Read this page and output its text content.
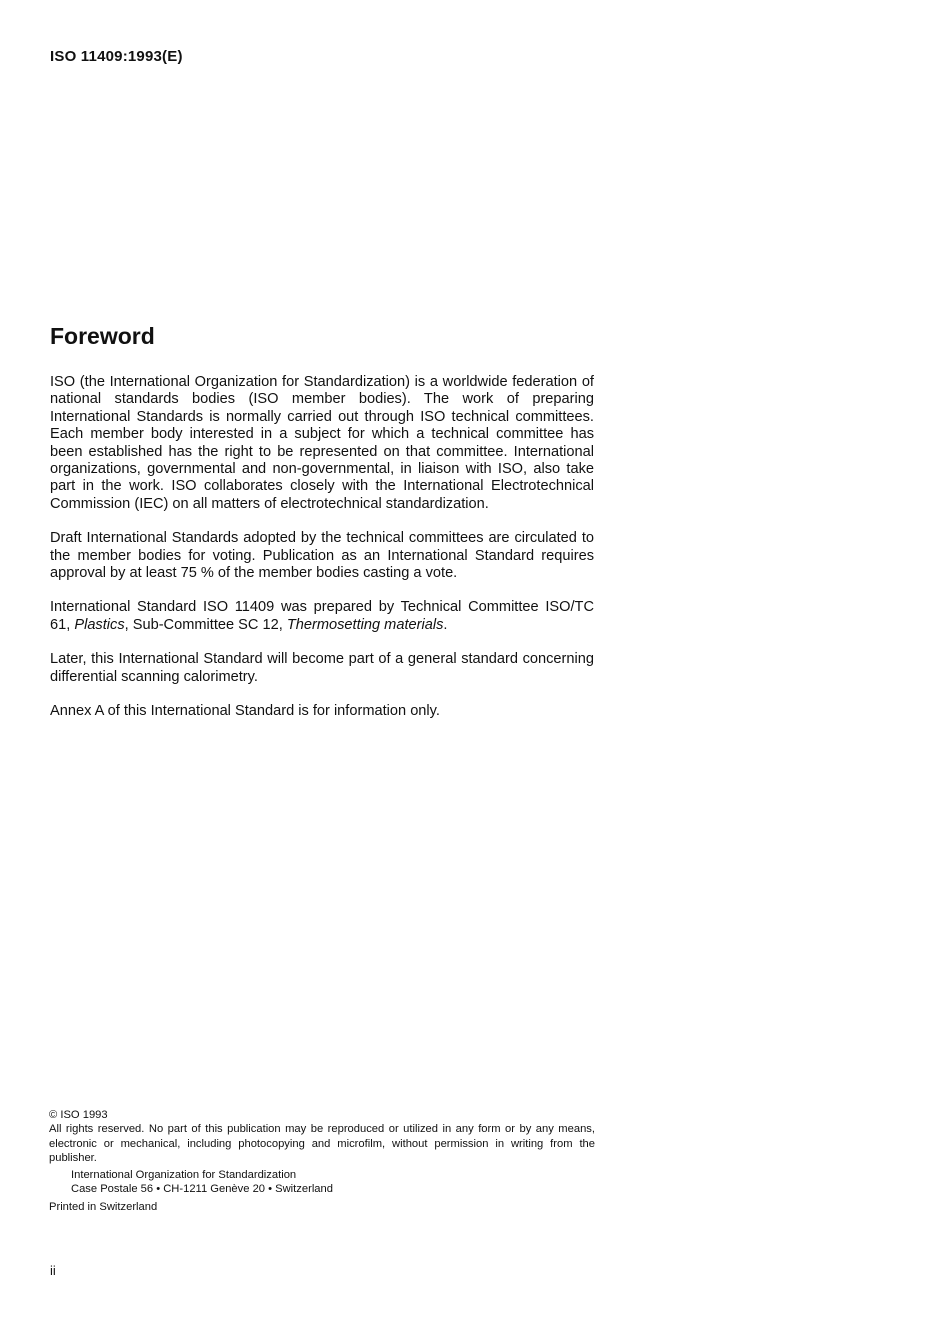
ISO 11409:1993(E)
Foreword

ISO (the International Organization for Standardization) is a worldwide federation of national standards bodies (ISO member bodies). The work of preparing International Standards is normally carried out through ISO technical committees. Each member body interested in a subject for which a technical committee has been established has the right to be represented on that committee. International organizations, governmental and non-governmental, in liaison with ISO, also take part in the work. ISO collaborates closely with the International Electrotechnical Commission (IEC) on all matters of electrotechnical standardization.

Draft International Standards adopted by the technical committees are circulated to the member bodies for voting. Publication as an International Standard requires approval by at least 75 % of the member bodies casting a vote.

International Standard ISO 11409 was prepared by Technical Committee ISO/TC 61, Plastics, Sub-Committee SC 12, Thermosetting materials.

Later, this International Standard will become part of a general standard concerning differential scanning calorimetry.

Annex A of this International Standard is for information only.

© ISO 1993
All rights reserved. No part of this publication may be reproduced or utilized in any form or by any means, electronic or mechanical, including photocopying and microfilm, without permission in writing from the publisher.
International Organization for Standardization
Case Postale 56 • CH-1211 Genève 20 • Switzerland
Printed in Switzerland
ii
